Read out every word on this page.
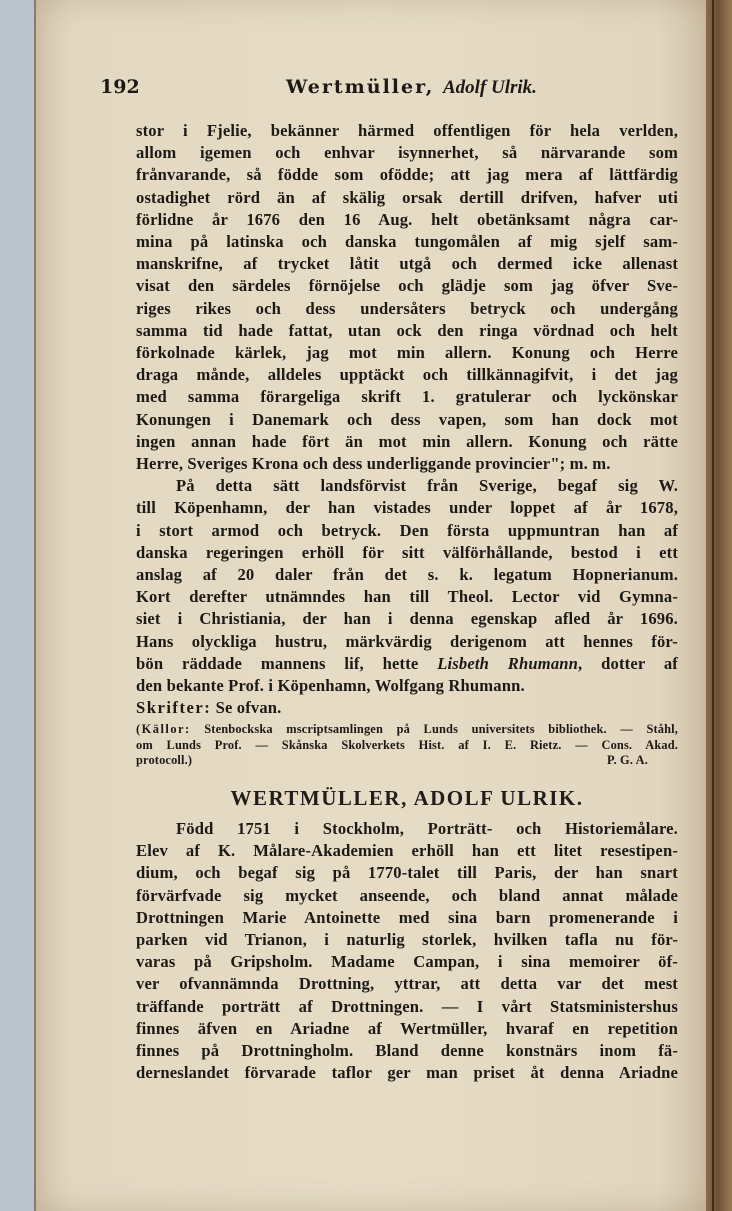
192	Wertmüller, Adolf Ulrik.

stor i Fjelie, bekänner härmed offentligen för hela verlden,
allom igemen och enhvar isynnerhet, så närvarande som
frånvarande, så födde som ofödde; att jag mera af lättfärdig
ostadighet rörd än af skälig orsak dertill drifven, hafver uti
förlidne år 1676 den 16 Aug. helt obetänksamt några car-
mina på latinska och danska tungomålen af mig sjelf sam-
manskrifne, af trycket låtit utgå och dermed icke allenast
visat den särdeles förnöjelse och glädje som jag öfver Sve-
riges rikes och dess undersåters betryck och undergång
samma tid hade fattat, utan ock den ringa vördnad och helt
förkolnade kärlek, jag mot min allern. Konung och Herre
draga månde, alldeles upptäckt och tillkännagifvit, i det jag
med samma förargeliga skrift 1. gratulerar och lyckönskar
Konungen i Danemark och dess vapen, som han dock mot
ingen annan hade fört än mot min allern. Konung och rätte
Herre, Sveriges Krona och dess underliggande provincier"; m. m.

På detta sätt landsförvist från Sverige, begaf sig W.
till Köpenhamn, der han vistades under loppet af år 1678,
i stort armod och betryck. Den första uppmuntran han af
danska regeringen erhöll för sitt välförhållande, bestod i ett
anslag af 20 daler från det s. k. legatum Hopnerianum.
Kort derefter utnämndes han till Theol. Lector vid Gymna-
siet i Christiania, der han i denna egenskap afled år 1696.
Hans olyckliga hustru, märkvärdig derigenom att hennes för-
bön räddade mannens lif, hette Lisbeth Rhumann, dotter af
den bekante Prof. i Köpenhamn, Wolfgang Rhumann.

Skrifter: Se ofvan.

(Källor: Stenbockska mscriptsamlingen på Lunds universitets bibliothek. — Ståhl,
om Lunds Prof. — Skånska Skolverkets Hist. af I. E. Rietz. — Cons. Akad.
protocoll.)	P. G. A.
WERTMÜLLER, ADOLF ULRIK.

Född 1751 i Stockholm, Porträtt- och Historiemålare.
Elev af K. Målare-Akademien erhöll han ett litet resestipen-
dium, och begaf sig på 1770-talet till Paris, der han snart
förvärfvade sig mycket anseende, och bland annat målade
Drottningen Marie Antoinette med sina barn promenerande i
parken vid Trianon, i naturlig storlek, hvilken tafla nu för-
varas på Gripsholm. Madame Campan, i sina memoirer öf-
ver ofvannämnda Drottning, yttrar, att detta var det mest
träffande porträtt af Drottningen. — I vårt Statsministershus
finnes äfven en Ariadne af Wertmüller, hvaraf en repetition
finnes på Drottningholm. Bland denne konstnärs inom fä-
derneslandet förvarade taflor ger man priset åt denna Ariadne
